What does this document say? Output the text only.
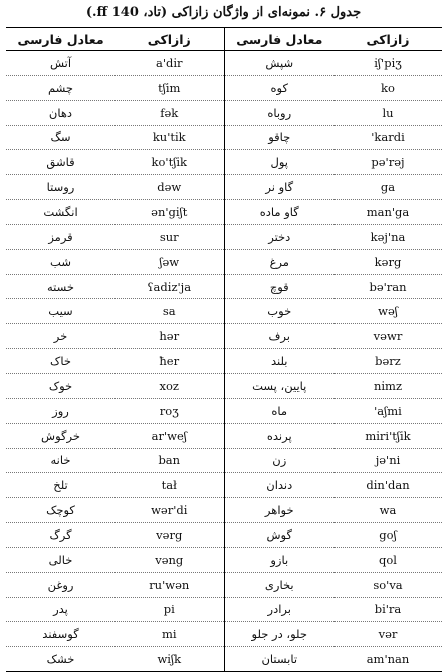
جدول ۶. نمونه‌ای از واژگان زازاکی (تاد، 140 ff.)
زازاکی	معادل فارسی	زازاکی	معادل فارسی
i̇ʃ'pi̇ʒ	شپش	a'di̇r	آتش
ko	کوه	tʃi̇m	چشم
lu	روباه	fək	دهان
'kardi	چاقو	ku'ti̇k	سگ
pə'rəj	پول	ko'tʃi̇k	قاشق
ga	گاو نر	dəw	روستا
man'ga	گاو ماده	ən'gi̇ʃt	انگشت
kəj'na	دختر	sur	قرمز
kərg	مرغ	ʃəw	شب
bə'ran	قوچ	ʕadi̇z'ja	خسته
wəʃ	خوب	sa	سیب
vəwr	برف	hər	خر
bərz	بلند	ħer	خاک
ni̇mz	پایین، پست	xoz	خوک
'aʃmi	ماه	roʒ	روز
mi̇ri'tʃi̇k	پرنده	ar'weʃ	خرگوش
jə'ni	زن	ban	خانه
di̇n'dan	دندان	tał	تلخ
wa	خواهر	wər'di̇	کوچک
goʃ	گوش	vərg	گرگ
qol	بازو	vəng	خالی
so'va	بخاری	ru'wən	روغن
bi̇'ra	برادر	pi	پدر
vər	جلو، در جلو	mi	گوسفند
am'nan	تابستان	wi̇ʃk	خشک
